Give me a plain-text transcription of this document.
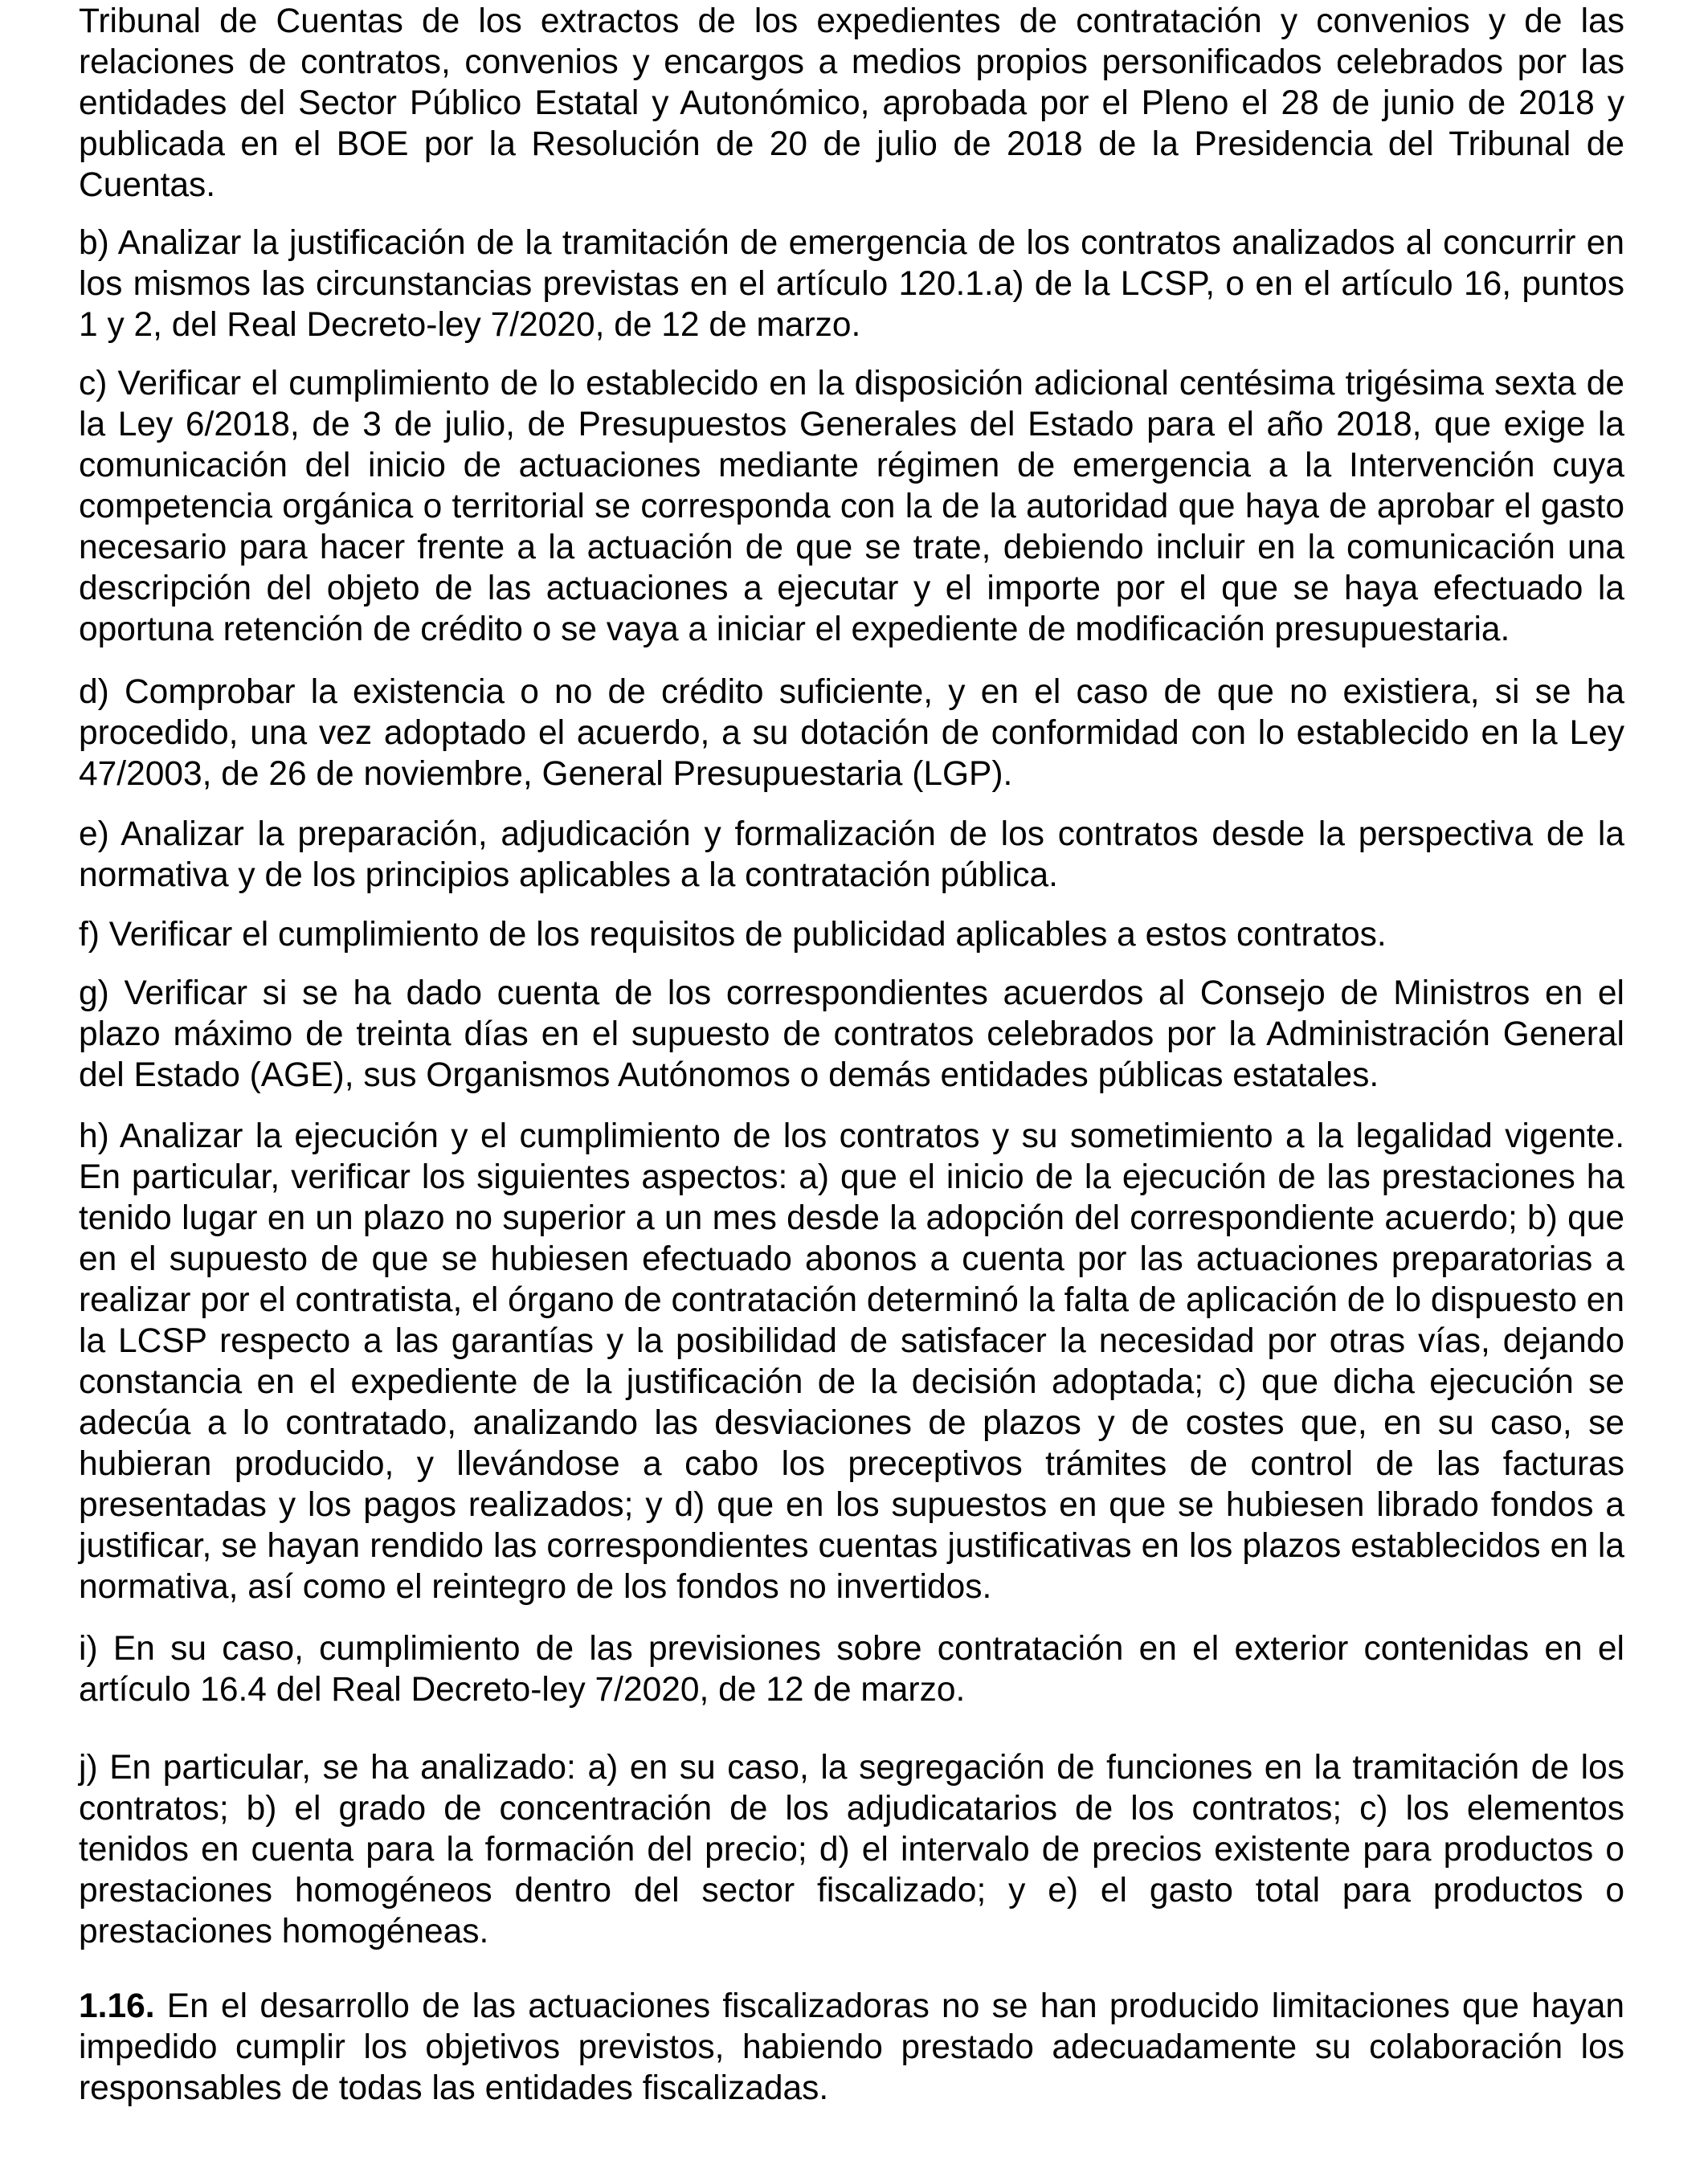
Tribunal de Cuentas de los extractos de los expedientes de contratación y convenios y de las relaciones de contratos, convenios y encargos a medios propios personificados celebrados por las entidades del Sector Público Estatal y Autonómico, aprobada por el Pleno el 28 de junio de 2018 y publicada en el BOE por la Resolución de 20 de julio de 2018 de la Presidencia del Tribunal de Cuentas.

b) Analizar la justificación de la tramitación de emergencia de los contratos analizados al concurrir en los mismos las circunstancias previstas en el artículo 120.1.a) de la LCSP, o en el artículo 16, puntos 1 y 2, del Real Decreto-ley 7/2020, de 12 de marzo.

c) Verificar el cumplimiento de lo establecido en la disposición adicional centésima trigésima sexta de la Ley 6/2018, de 3 de julio, de Presupuestos Generales del Estado para el año 2018, que exige la comunicación del inicio de actuaciones mediante régimen de emergencia a la Intervención cuya competencia orgánica o territorial se corresponda con la de la autoridad que haya de aprobar el gasto necesario para hacer frente a la actuación de que se trate, debiendo incluir en la comunicación una descripción del objeto de las actuaciones a ejecutar y el importe por el que se haya efectuado la oportuna retención de crédito o se vaya a iniciar el expediente de modificación presupuestaria.

d) Comprobar la existencia o no de crédito suficiente, y en el caso de que no existiera, si se ha procedido, una vez adoptado el acuerdo, a su dotación de conformidad con lo establecido en la Ley 47/2003, de 26 de noviembre, General Presupuestaria (LGP).

e) Analizar la preparación, adjudicación y formalización de los contratos desde la perspectiva de la normativa y de los principios aplicables a la contratación pública.

f) Verificar el cumplimiento de los requisitos de publicidad aplicables a estos contratos.

g) Verificar si se ha dado cuenta de los correspondientes acuerdos al Consejo de Ministros en el plazo máximo de treinta días en el supuesto de contratos celebrados por la Administración General del Estado (AGE), sus Organismos Autónomos o demás entidades públicas estatales.

h) Analizar la ejecución y el cumplimiento de los contratos y su sometimiento a la legalidad vigente. En particular, verificar los siguientes aspectos: a) que el inicio de la ejecución de las prestaciones ha tenido lugar en un plazo no superior a un mes desde la adopción del correspondiente acuerdo; b) que en el supuesto de que se hubiesen efectuado abonos a cuenta por las actuaciones preparatorias a realizar por el contratista, el órgano de contratación determinó la falta de aplicación de lo dispuesto en la LCSP respecto a las garantías y la posibilidad de satisfacer la necesidad por otras vías, dejando constancia en el expediente de la justificación de la decisión adoptada; c) que dicha ejecución se adecúa a lo contratado, analizando las desviaciones de plazos y de costes que, en su caso, se hubieran producido, y llevándose a cabo los preceptivos trámites de control de las facturas presentadas y los pagos realizados; y d) que en los supuestos en que se hubiesen librado fondos a justificar, se hayan rendido las correspondientes cuentas justificativas en los plazos establecidos en la normativa, así como el reintegro de los fondos no invertidos.

i) En su caso, cumplimiento de las previsiones sobre contratación en el exterior contenidas en el artículo 16.4 del Real Decreto-ley 7/2020, de 12 de marzo.

j) En particular, se ha analizado: a) en su caso, la segregación de funciones en la tramitación de los contratos; b) el grado de concentración de los adjudicatarios de los contratos; c) los elementos tenidos en cuenta para la formación del precio; d) el intervalo de precios existente para productos o prestaciones homogéneos dentro del sector fiscalizado; y e) el gasto total para productos o prestaciones homogéneas.

1.16. En el desarrollo de las actuaciones fiscalizadoras no se han producido limitaciones que hayan impedido cumplir los objetivos previstos, habiendo prestado adecuadamente su colaboración los responsables de todas las entidades fiscalizadas.
